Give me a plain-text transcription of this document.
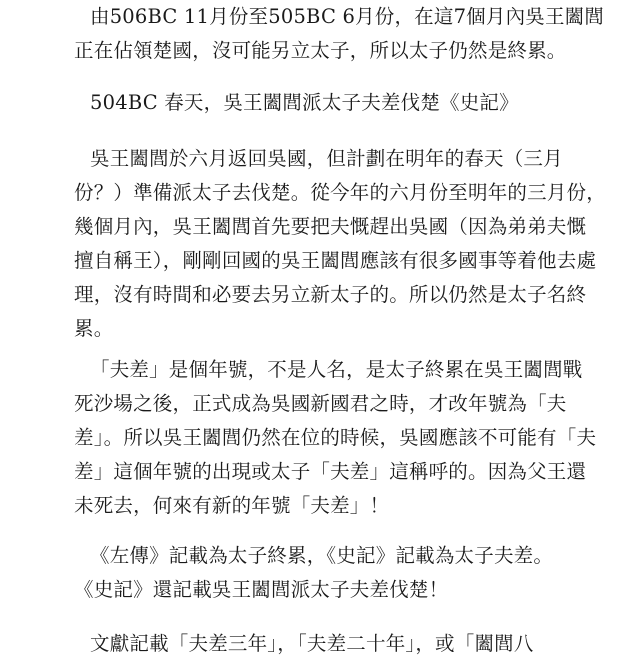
由506BC 11月份至505BC 6月份，在這7個月內吳王闔閭
正在佔領楚國，沒可能另立太子，所以太子仍然是終累。
504BC 春天，吳王闔閭派太子夫差伐楚《史記》
吳王闔閭於六月返回吳國，但計劃在明年的春天（三月
份？）準備派太子去伐楚。從今年的六月份至明年的三月份，
幾個月內，吳王闔閭首先要把夫慨趕出吳國（因為弟弟夫慨
擅自稱王），剛剛回國的吳王闔閭應該有很多國事等着他去處
理，沒有時間和必要去另立新太子的。所以仍然是太子名終
累。
「夫差」是個年號，不是人名，是太子終累在吳王闔閭戰
死沙場之後，正式成為吳國新國君之時，才改年號為「夫
差」。所以吳王闔閭仍然在位的時候，吳國應該不可能有「夫
差」這個年號的出現或太子「夫差」這稱呼的。因為父王還
未死去，何來有新的年號「夫差」！
《左傳》記載為太子終累，《史記》記載為太子夫差。
《史記》還記載吳王闔閭派太子夫差伐楚！
文獻記載「夫差三年」，「夫差二十年」，或「闔閭八
